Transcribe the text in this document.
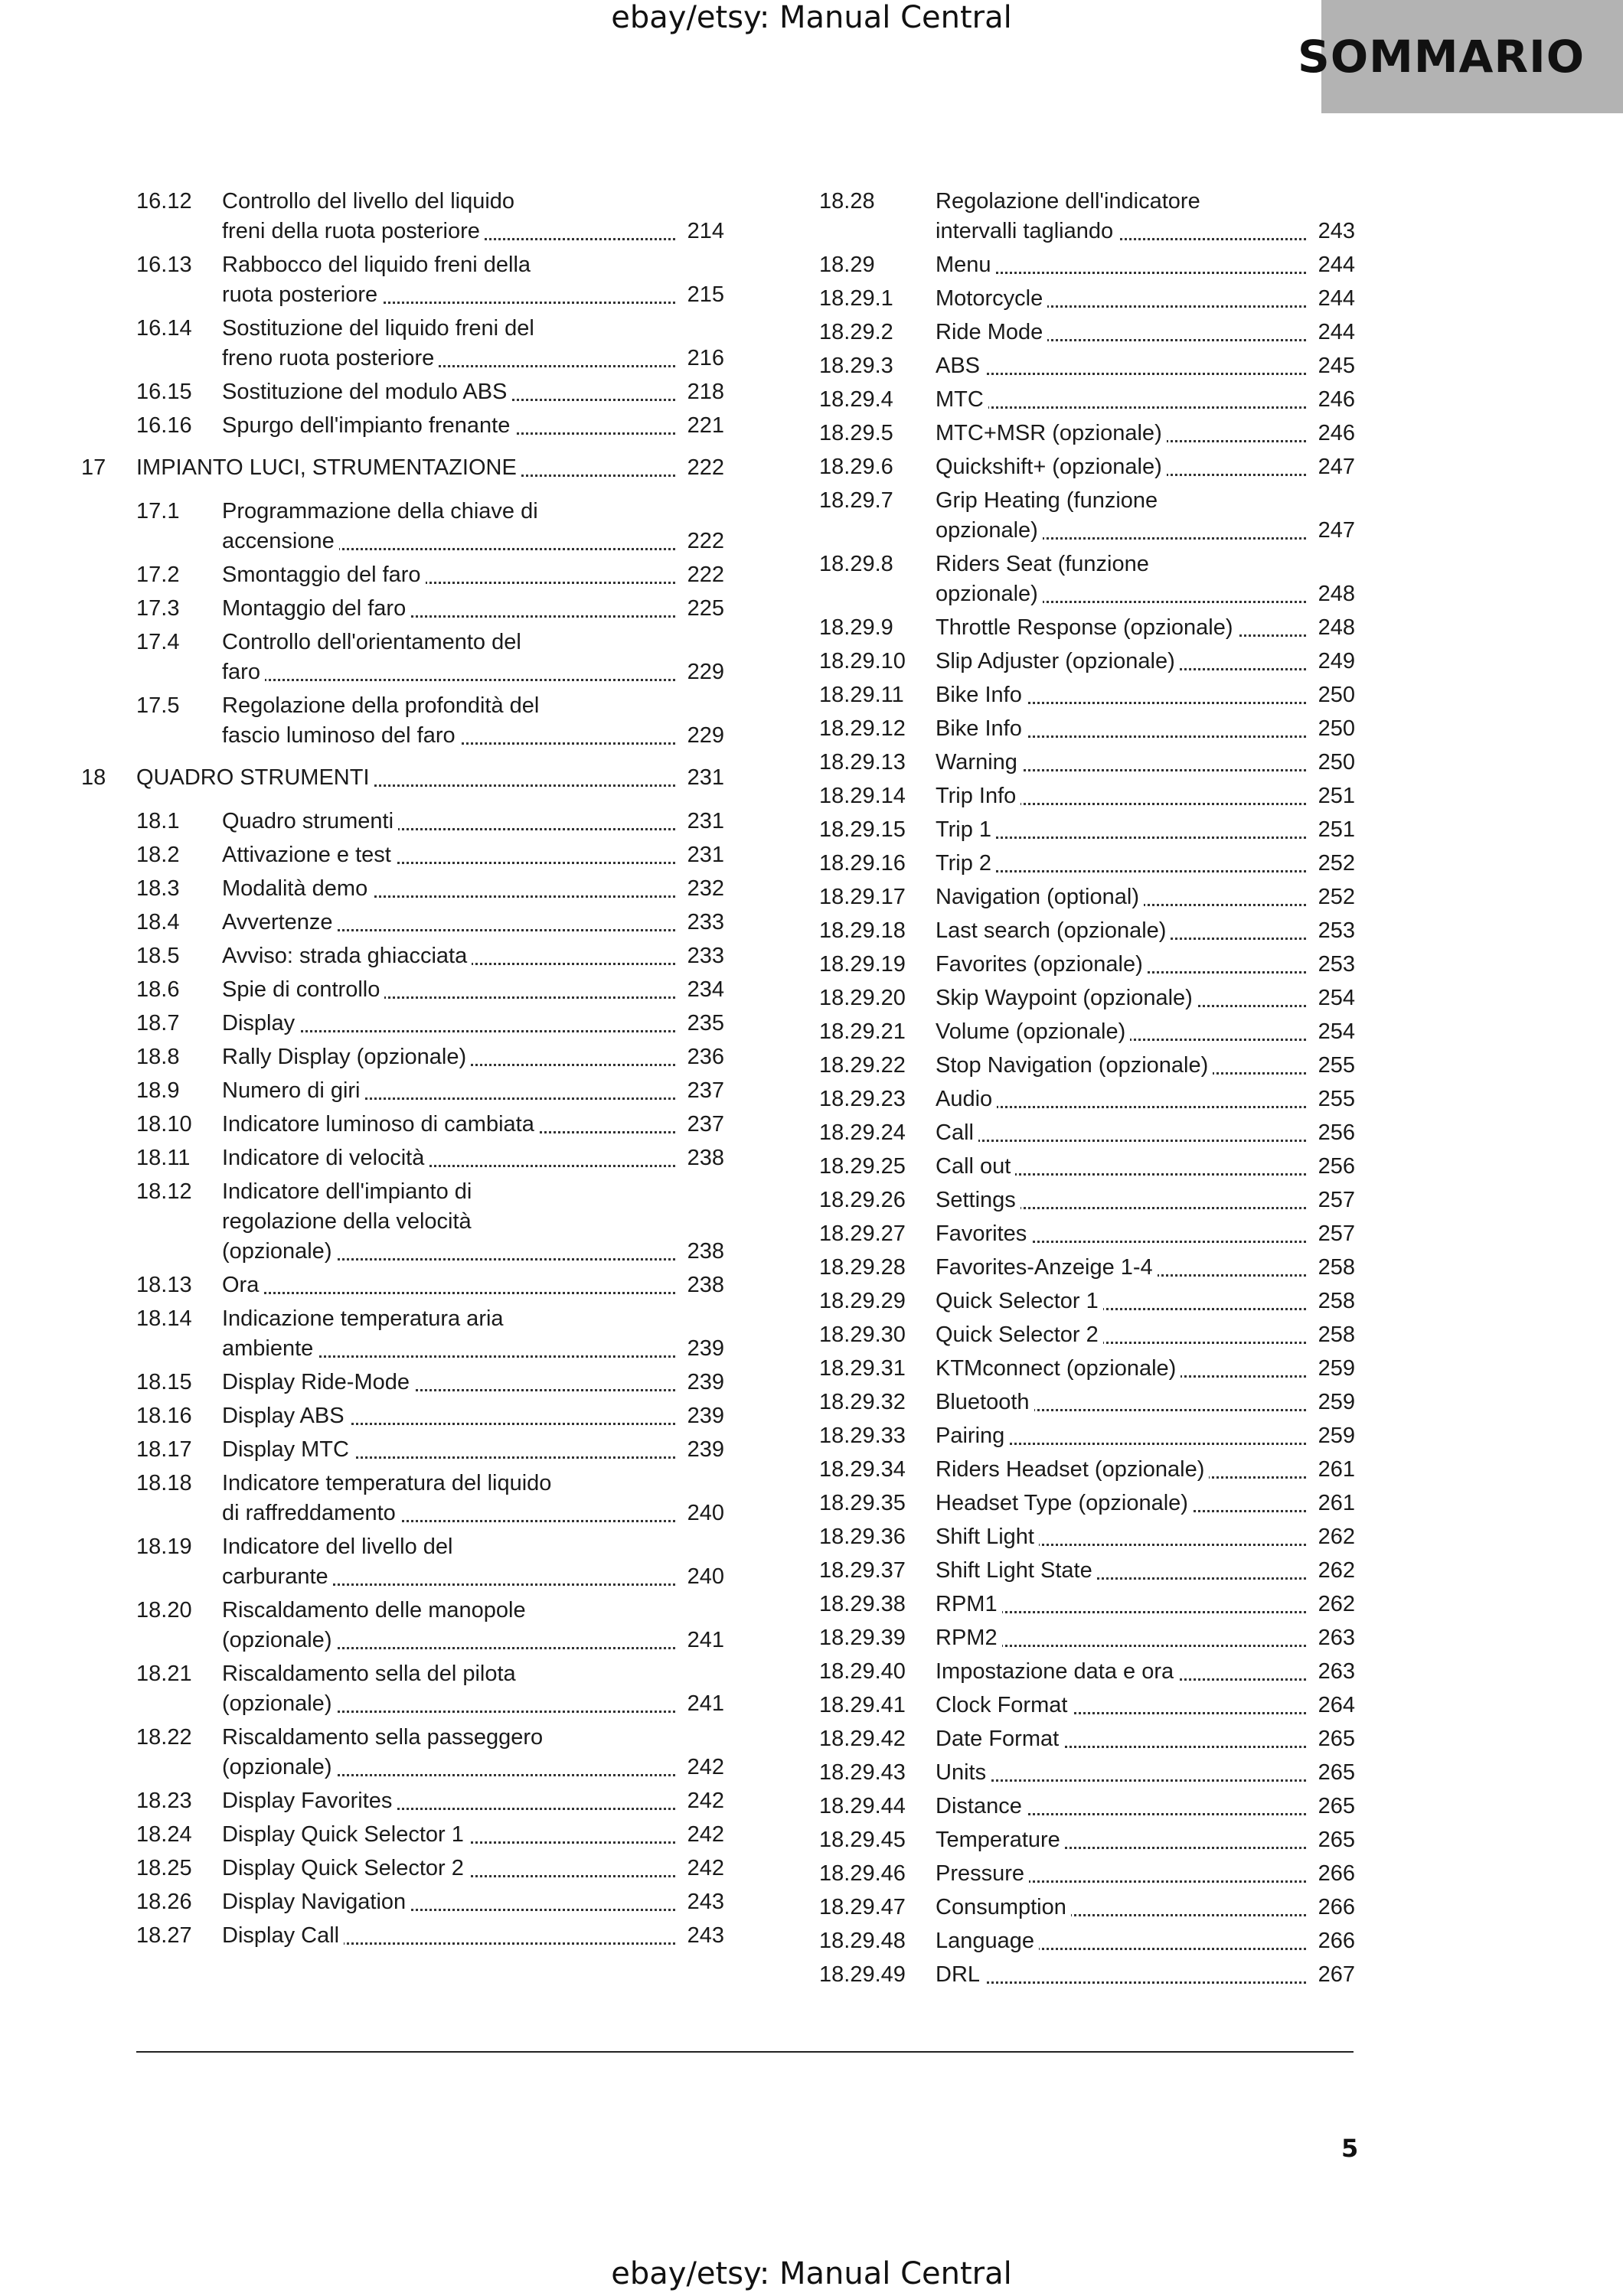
ebay/etsy: Manual Central
SOMMARIO
16.12 Controllo del livello del liquido
freni della ruota posteriore	214
16.13 Rabbocco del liquido freni della
ruota posteriore	215
16.14 Sostituzione del liquido freni del
freno ruota posteriore	216
16.15 Sostituzione del modulo ABS	218
16.16 Spurgo dell'impianto frenante	221
17 IMPIANTO LUCI, STRUMENTAZIONE	222
17.1 Programmazione della chiave di
accensione	222
17.2 Smontaggio del faro	222
17.3 Montaggio del faro	225
17.4 Controllo dell'orientamento del
faro	229
17.5 Regolazione della profondità del
fascio luminoso del faro	229
18 QUADRO STRUMENTI	231
18.1 Quadro strumenti	231
18.2 Attivazione e test	231
18.3 Modalità demo	232
18.4 Avvertenze	233
18.5 Avviso: strada ghiacciata	233
18.6 Spie di controllo	234
18.7 Display	235
18.8 Rally Display (opzionale)	236
18.9 Numero di giri	237
18.10 Indicatore luminoso di cambiata	237
18.11 Indicatore di velocità	238
18.12 Indicatore dell'impianto di
regolazione della velocità
(opzionale)	238
18.13 Ora	238
18.14 Indicazione temperatura aria
ambiente	239
18.15 Display Ride-Mode	239
18.16 Display ABS	239
18.17 Display MTC	239
18.18 Indicatore temperatura del liquido
di raffreddamento	240
18.19 Indicatore del livello del
carburante	240
18.20 Riscaldamento delle manopole
(opzionale)	241
18.21 Riscaldamento sella del pilota
(opzionale)	241
18.22 Riscaldamento sella passeggero
(opzionale)	242
18.23 Display Favorites	242
18.24 Display Quick Selector 1	242
18.25 Display Quick Selector 2	242
18.26 Display Navigation	243
18.27 Display Call	243
18.28	Regolazione dell'indicatore
intervalli tagliando	243
18.29	Menu	244
18.29.1 Motorcycle	244
18.29.2 Ride Mode	244
18.29.3 ABS	245
18.29.4 MTC	246
18.29.5 MTC+MSR (opzionale)	246
18.29.6 Quickshift+ (opzionale)	247
18.29.7 Grip Heating (funzione
opzionale)	247
18.29.8 Riders Seat (funzione
opzionale)	248
18.29.9 Throttle Response (opzionale)	248
18.29.10 Slip Adjuster (opzionale)	249
18.29.11 Bike Info	250
18.29.12 Bike Info	250
18.29.13 Warning	250
18.29.14 Trip Info	251
18.29.15 Trip 1	251
18.29.16 Trip 2	252
18.29.17 Navigation (optional)	252
18.29.18 Last search (opzionale)	253
18.29.19 Favorites (opzionale)	253
18.29.20 Skip Waypoint (opzionale)	254
18.29.21 Volume (opzionale)	254
18.29.22 Stop Navigation (opzionale)	255
18.29.23 Audio	255
18.29.24 Call	256
18.29.25 Call out	256
18.29.26 Settings	257
18.29.27 Favorites	257
18.29.28 Favorites-Anzeige 1-4	258
18.29.29 Quick Selector 1	258
18.29.30 Quick Selector 2	258
18.29.31 KTMconnect (opzionale)	259
18.29.32 Bluetooth	259
18.29.33 Pairing	259
18.29.34 Riders Headset (opzionale)	261
18.29.35 Headset Type (opzionale)	261
18.29.36 Shift Light	262
18.29.37 Shift Light State	262
18.29.38 RPM1	262
18.29.39 RPM2	263
18.29.40 Impostazione data e ora	263
18.29.41 Clock Format	264
18.29.42 Date Format	265
18.29.43 Units	265
18.29.44 Distance	265
18.29.45 Temperature	265
18.29.46 Pressure	266
18.29.47 Consumption	266
18.29.48 Language	266
18.29.49 DRL	267
5
ebay/etsy: Manual Central
